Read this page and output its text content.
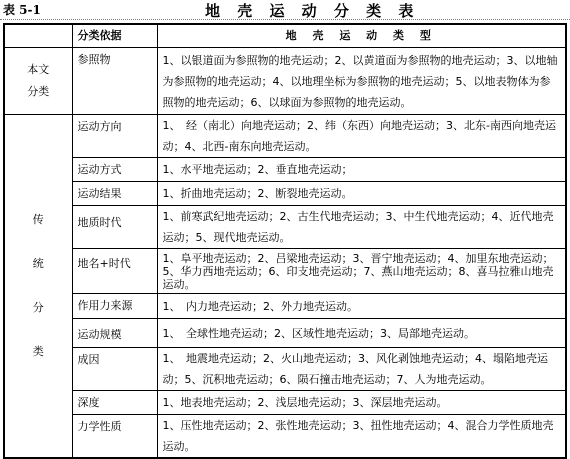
表 5-1	地 壳 运 动 分 类 表
	分类依据	地 壳 运 动 类 型

本文
分类	参照物	1、以银道面为参照物的地壳运动；2、以黄道面为参照物的地壳运动；3、以地轴为参照物的地壳运动；4、以地理坐标为参照物的地壳运动；5、以地表物体为参照物的地壳运动；6、以球面为参照物的地壳运动。

传
统
分
类	运动方向	1、　经（南北）向地壳运动；2、纬（东西）向地壳运动；3、北东-南西向地壳运动；4、北西-南东向地壳运动。
	运动方式	1、水平地壳运动；2、垂直地壳运动；
	运动结果	1、折曲地壳运动；2、断裂地壳运动。
	地质时代	1、前寒武纪地壳运动；2、古生代地壳运动；3、中生代地壳运动；4、近代地壳运动；5、现代地壳运动。
	地名+时代	1、阜平地壳运动；2、吕梁地壳运动；3、晋宁地壳运动；4、加里东地壳运动；5、华力西地壳运动；6、印支地壳运动；7、燕山地壳运动；8、喜马拉雅山地壳运动。
	作用力来源	1、　内力地壳运动；2、外力地壳运动。
	运动规模	1、　全球性地壳运动；2、区域性地壳运动；3、局部地壳运动。
	成因	1、　地震地壳运动；2、火山地壳运动；3、风化剥蚀地壳运动；4、塌陷地壳运动；5、沉积地壳运动；6、陨石撞击地壳运动；7、人为地壳运动。
	深度	1、地表地壳运动；2、浅层地壳运动；3、深层地壳运动。
	力学性质	1、压性地壳运动；2、张性地壳运动；3、扭性地壳运动；4、混合力学性质地壳运动。
